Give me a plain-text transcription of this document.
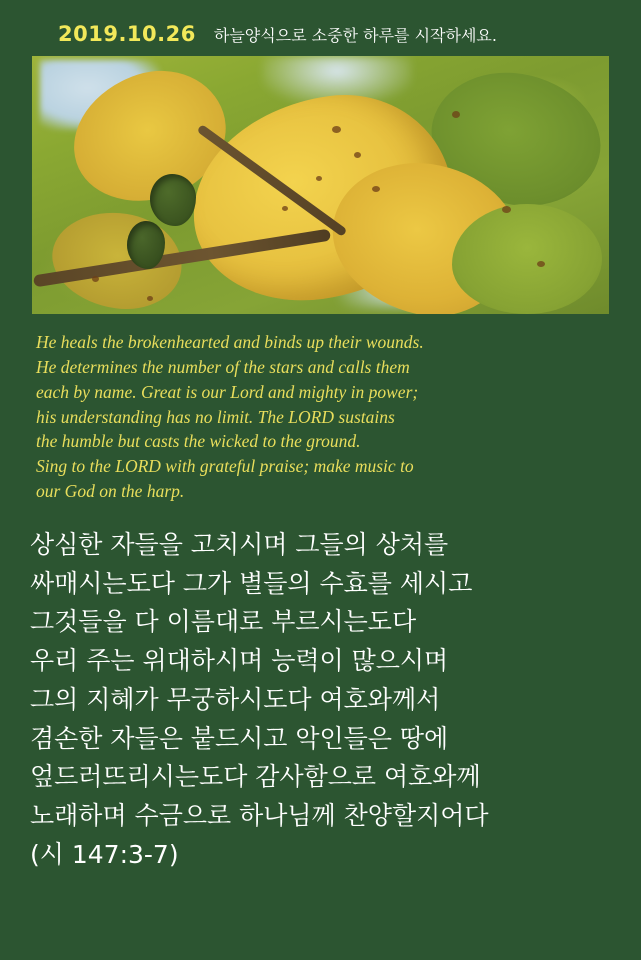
2019.10.26 하늘양식으로 소중한 하루를 시작하세요.
He heals the brokenhearted and binds up their wounds.
He determines the number of the stars and calls them
each by name. Great is our Lord and mighty in power;
his understanding has no limit. The LORD sustains
the humble but casts the wicked to the ground.
Sing to the LORD with grateful praise; make music to
our God on the harp.
상심한 자들을 고치시며 그들의 상처를
싸매시는도다 그가 별들의 수효를 세시고
그것들을 다 이름대로 부르시는도다
우리 주는 위대하시며 능력이 많으시며
그의 지혜가 무궁하시도다 여호와께서
겸손한 자들은 붙드시고 악인들은 땅에
엎드러뜨리시는도다 감사함으로 여호와께
노래하며 수금으로 하나님께 찬양할지어다
(시 147:3-7)
